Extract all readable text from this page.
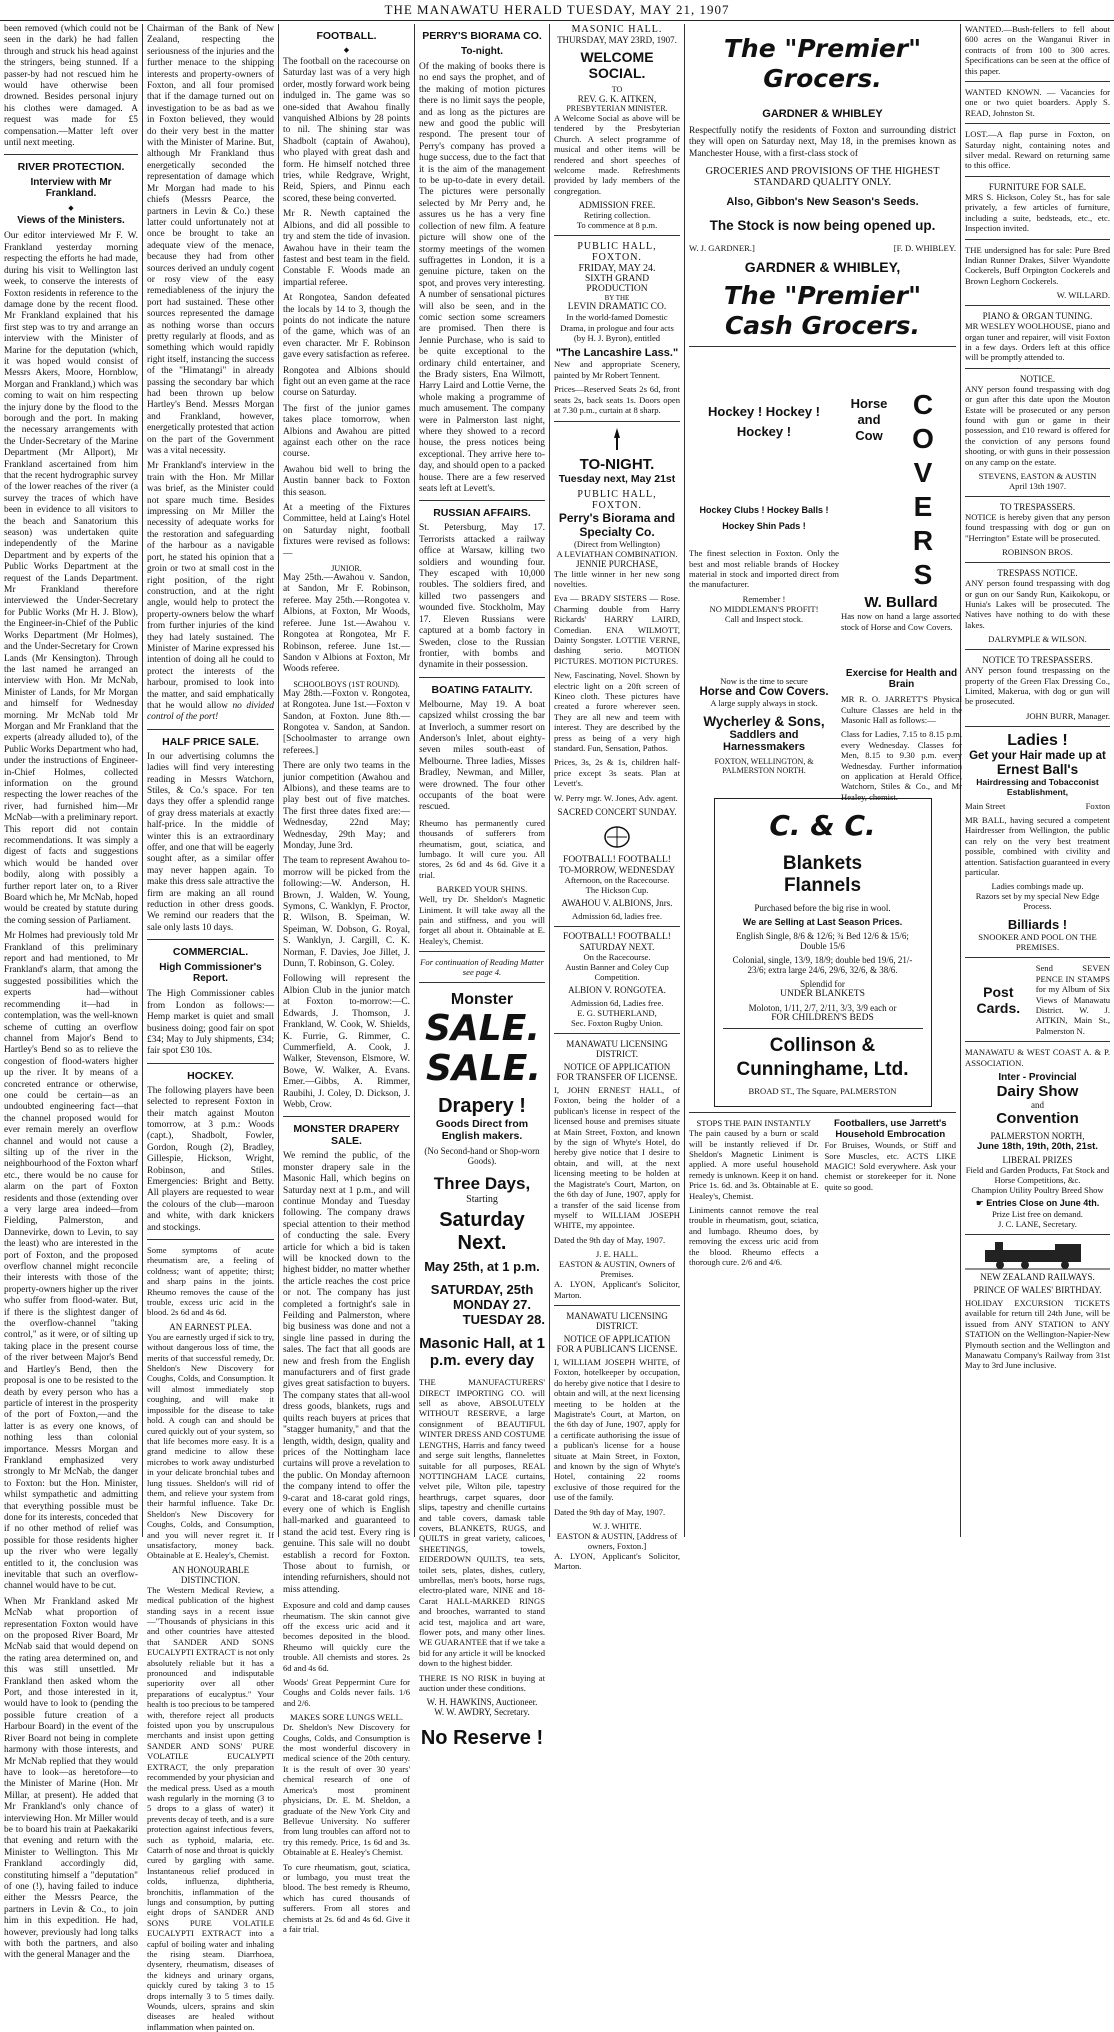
THE MANAWATU HERALD TUESDAY, MAY 21, 1907

been removed (which could not be seen in the dark) he had fallen through and struck his head against the stringers, being stunned. If a passer-by had not rescued him he would have otherwise been drowned. Besides personal injury his clothes were damaged. A request was made for £5 compensation.—Matter left over until next meeting.

RIVER PROTECTION.
Interview with Mr Frankland.
◆
Views of the Ministers.

Our editor interviewed Mr F. W. Frankland yesterday morning respecting the efforts he had made, during his visit to Wellington last week, to conserve the interests of Foxton residents in reference to the damage done by the recent flood. Mr Frankland explained that his first step was to try and arrange an interview with the Minister of Marine for the deputation (which, it was hoped would consist of Messrs Akers, Moore, Hornblow, Morgan and Frankland,) which was coming to wait on him respecting the injury done by the flood to the borough and the port. In making the necessary arrangements with the Under-Secretary of the Marine Department (Mr Allport), Mr Frankland ascertained from him that the recent hydrographic survey of the lower reaches of the river (a survey the traces of which have been in evidence to all visitors to the beach and Sanatorium this season) was undertaken quite independently of the Marine Department and by experts of the Public Works Department at the request of the Lands Department. Mr Frankland therefore interviewed the Under-Secretary for Public Works (Mr H. J. Blow), the Engineer-in-Chief of the Public Works Department (Mr Holmes), and the Under-Secretary for Crown Lands (Mr Kensington). Through the last named he arranged an interview with Hon. Mr McNab, Minister of Lands, for Mr Morgan and himself for Wednesday morning. Mr McNab told Mr Morgan and Mr Frankland that the experts (already alluded to), of the Public Works Department who had, under the instructions of Engineer-in-Chief Holmes, collected information on the ground respecting the lower reaches of the river, had furnished him—Mr McNab—with a preliminary report. This report did not contain recommendations. It was simply a digest of facts and suggestions which would be handed over bodily, along with possibly a further report later on, to a River Board which he, Mr McNab, hoped would be created by statute during the coming session of Parliament.

Mr Holmes had previously told Mr Frankland of this preliminary report and had mentioned, to Mr Frankland's alarm, that among the suggested possibilities which the experts had—without recommending it—had in contemplation, was the well-known scheme of cutting an overflow channel from Major's Bend to Hartley's Bend so as to relieve the congestion of flood-waters higher up the river. It by means of a concreted entrance or otherwise, one could be certain—as an undoubted engineering fact—that the channel proposed would for ever remain merely an overflow channel and would not cause a silting up of the river in the neighbourhood of the Foxton wharf etc., there would be no cause for alarm on the part of Foxton residents and those (extending over a very large area indeed—from Fielding, Palmerston, and Dannevirke, down to Levin, to say the least) who are interested in the port of Foxton, and the proposed overflow channel might reconcile their interests with those of the property-owners higher up the river who suffer from flood-water. But, if there is the slightest danger of the overflow-channel "taking control," as it were, or of silting up taking place in the present course of the river between Major's Bend and Hartley's Bend, then the proposal is one to be resisted to the death by every person who has a particle of interest in the prosperity of the port of Foxton,—and the latter is as every one knows, of nothing less than colonial importance. Messrs Morgan and Frankland emphasized very strongly to Mr McNab, the danger to Foxton: but the Hon. Minister, whilst sympathetic and admitting that everything possible must be done for its interests, conceded that if no other method of relief was possible for those residents higher up the river who were legally entitled to it, the conclusion was inevitable that such an overflow-channel would have to be cut.

When Mr Frankland asked Mr McNab what proportion of representation Foxton would have on the proposed River Board, Mr McNab said that would depend on the rating area determined on, and this was still unsettled. Mr Frankland then asked whom the Port, and those interested in it, would have to look to (pending the possible future creation of a Harbour Board) in the event of the River Board not being in complete harmony with those interests, and Mr McNab replied that they would have to look—as heretofore—to the Minister of Marine (Hon. Mr Millar, at present). He added that Mr Frankland's only chance of interviewing Hon. Mr Miller would be to board his train at Paekakariki that evening and return with the Minister to Wellington. This Mr Frankland accordingly did, constituting himself a "deputation" of one (!), having failed to induce either the Messrs Pearce, the partners in Levin & Co., to join him in this expedition. He had, however, previously had long talks with both the partners, and also with the general Manager and the

Chairman of the Bank of New Zealand, respecting the seriousness of the injuries and the further menace to the shipping interests and property-owners of Foxton, and all four promised that if the damage turned out on investigation to be as bad as we in Foxton believed, they would do their very best in the matter with the Minister of Marine. But, although Mr Frankland thus energetically seconded the representation of damage which Mr Morgan had made to his chiefs (Messrs Pearce, the partners in Levin & Co.) these latter could unfortunately not at once be brought to take an adequate view of the menace, because they had from other sources derived an unduly cogent or rosy view of the easy remediableness of the injury the port had sustained. These other sources represented the damage as nothing worse than occurs pretty regularly at floods, and as something which would rapidly right itself, instancing the success of the "Himatangi" in already passing the secondary bar which had been thrown up below Hartley's Bend. Messrs Morgan and Frankland, however, energetically protested that action on the part of the Government was a vital necessity.

Mr Frankland's interview in the train with the Hon. Mr Millar was brief, as the Minister could not spare much time. Besides impressing on Mr Miller the necessity of adequate works for the restoration and safeguarding of the harbour as a navigable port, he stated his opinion that a groin or two at small cost in the right position, of the right construction, and at the right angle, would help to protect the property-owners below the wharf from further injuries of the kind they had lately sustained. The Minister of Marine expressed his intention of doing all he could to protect the interests of the harbour, promised to look into the matter, and said emphatically that he would allow no divided control of the port!

HALF PRICE SALE.

In our advertising columns the ladies will find very interesting reading in Messrs Watchorn, Stiles, & Co.'s space. For ten days they offer a splendid range of gray dress materials at exactly half-price. In the middle of winter this is an extraordinary offer, and one that will be eagerly sought after, as a similar offer may never happen again. To make this dress sale attractive the firm are making an all round reduction in other dress goods. We remind our readers that the sale only lasts 10 days.

COMMERCIAL.
High Commissioner's Report.

The High Commissioner cables from London as follows:— Hemp market is quiet and small business doing; good fair on spot £34; May to July shipments, £34; fair spot £30 10s.

HOCKEY.

The following players have been selected to represent Foxton in their match against Mouton tomorrow, at 3 p.m.: Woods (capt.), Shadbolt, Fowler, Gordon, Rough (2), Bradley, Gillespie, Hickson, Wright, Robinson, and Stiles. Emergencies: Bright and Betty. All players are requested to wear the colours of the club—maroon and white, with dark knickers and stockings.

Some symptoms of acute rheumatism are, a feeling of coldness; want of appetite; thirst; and sharp pains in the joints. Rheumo removes the cause of the trouble, excess uric acid in the blood. 2s 6d and 4s 6d.

AN EARNEST PLEA.

You are earnestly urged if sick to try, without dangerous loss of time, the merits of that successful remedy, Dr. Sheldon's New Discovery for Coughs, Colds, and Consumption. It will almost immediately stop coughing, and will make it impossible for the disease to take hold. A cough can and should be cured quickly out of your system, so that life becomes more easy. It is a grand medicine to allow these microbes to work away undisturbed in your delicate bronchial tubes and lung tissues. Sheldon's will rid of them, and relieve your system from their harmful influence. Take Dr. Sheldon's New Discovery for Coughs, Colds, and Consumption, and you will never regret it. If unsatisfactory, money back. Obtainable at E. Healey's, Chemist.

AN HONOURABLE DISTINCTION.

The Western Medical Review, a medical publication of the highest standing says in a recent issue—"Thousands of physicians in this and other countries have attested that SANDER AND SONS EUCALYPTI EXTRACT is not only absolutely reliable but it has a pronounced and indisputable superiority over all other preparations of eucalyptus." Your health is too precious to be tampered with, therefore reject all products foisted upon you by unscrupulous merchants and insist upon getting SANDER AND SONS' PURE VOLATILE EUCALYPTI EXTRACT, the only preparation recommended by your physician and the medical press. Used as a mouth wash regularly in the morning (3 to 5 drops to a glass of water) it prevents decay of teeth, and is a sure protection against infectious fevers, such as typhoid, malaria, etc. Catarrh of nose and throat is quickly cured by gargling with same. Instantaneous relief produced in colds, influenza, diphtheria, bronchitis, inflammation of the lungs and consumption, by putting eight drops of SANDER AND SONS PURE VOLATILE EUCALYPTI EXTRACT into a capful of boiling water and inhaling the rising steam. Diarrhoea, dysentery, rheumatism, diseases of the kidneys and urinary organs, quickly cured by taking 3 to 15 drops internally 3 to 5 times daily. Wounds, ulcers, sprains and skin diseases are healed without inflammation when painted on.

FOOTBALL.
◆

The football on the racecourse on Saturday last was of a very high order, mostly forward work being indulged in. The game was so one-sided that Awahou finally vanquished Albions by 28 points to nil. The shining star was Shadbolt (captain of Awahou), who played with great dash and form. He himself notched three tries, while Redgrave, Wright, Reid, Spiers, and Pinnu each scored, these being converted.

Mr R. Newth captained the Albions, and did all possible to try and stem the tide of invasion. Awahou have in their team the fastest and best team in the field. Constable F. Woods made an impartial referee.

At Rongotea, Sandon defeated the locals by 14 to 3, though the points do not indicate the nature of the game, which was of an even character. Mr F. Robinson gave every satisfaction as referee.

Rongotea and Albions should fight out an even game at the race course on Saturday.

The first of the junior games takes place tomorrow, when Albions and Awahou are pitted against each other on the race course.

Awahou bid well to bring the Austin banner back to Foxton this season.

At a meeting of the Fixtures Committee, held at Laing's Hotel on Saturday night, football fixtures were revised as follows:—

JUNIOR.

May 25th.—Awahou v. Sandon, at Sandon, Mr F. Robinson, referee. May 25th.—Rongotea v. Albions, at Foxton, Mr Woods, referee. June 1st.—Awahou v. Rongotea at Rongotea, Mr F. Robinson, referee. June 1st.—Sandon v Albions at Foxton, Mr Woods referee.

SCHOOLBOYS (1ST ROUND).

May 28th.—Foxton v. Rongotea, at Rongotea. June 1st.—Foxton v Sandon, at Foxton. June 8th.—Rongotea v. Sandon, at Sandon. [Schoolmaster to arrange own referees.]

There are only two teams in the junior competition (Awahou and Albions), and these teams are to play best out of five matches. The first three dates fixed are:—Wednesday, 22nd May; Wednesday, 29th May; and Monday, June 3rd.

The team to represent Awahou to-morrow will be picked from the following:—W. Anderson, H. Brown, J. Walden, W. Young, Symons, C. Wanklyn, F. Proctor, R. Wilson, B. Speiman, W. Speiman, W. Dobson, G. Royal, S. Wanklyn, J. Cargill, C. K. Norman, F. Davies, Joe Jillet, J. Dunn, T. Robinson, G. Coley.

Following will represent the Albion Club in the junior match at Foxton to-morrow:—C. Edwards, J. Thomson, J. Frankland, W. Cook, W. Shields, K. Furrie, G. Rimmer, C. Cummerfield, A. Cook, J. Walker, Stevenson, Elsmore, W. Bowe, W. Walker, A. Evans. Emer.—Gibbs, A. Rimmer, Raubihi, J. Coley, D. Dickson, J. Webb, Crow.

MONSTER DRAPERY SALE.

We remind the public, of the monster drapery sale in the Masonic Hall, which begins on Saturday next at 1 p.m., and will continue Monday and Tuesday following. The company draws special attention to their method of conducting the sale. Every article for which a bid is taken will be knocked down to the highest bidder, no matter whether the article reaches the cost price or not. The company has just completed a fortnight's sale in Feilding and Palmerston, where big business was done and not a single line passed in during the sales. The fact that all goods are new and fresh from the English manufacturers and of first grade gives great satisfaction to buyers. The company states that all-wool dress goods, blankets, rugs and quilts reach buyers at prices that "stagger humanity," and that the length, width, design, quality and prices of the Nottingham lace curtains will prove a revelation to the public. On Monday afternoon the company intend to offer the 9-carat and 18-carat gold rings, every one of which is English hall-marked and guaranteed to stand the acid test. Every ring is genuine. This sale will no doubt establish a record for Foxton. Those about to furnish, or intending refurnishers, should not miss attending.

Exposure and cold and damp causes rheumatism. The skin cannot give off the excess uric acid and it becomes deposited in the blood. Rheumo will quickly cure the trouble. All chemists and stores. 2s 6d and 4s 6d.

Woods' Great Peppermint Cure for Coughs and Colds never fails. 1/6 and 2/6.

MAKES SORE LUNGS WELL.

Dr. Sheldon's New Discovery for Coughs, Colds, and Consumption is the most wonderful discovery in medical science of the 20th century. It is the result of over 30 years' chemical research of one of America's most prominent physicians, Dr. E. M. Sheldon, a graduate of the New York City and Bellevue University. No sufferer from lung troubles can afford not to try this remedy. Price, 1s 6d and 3s. Obtainable at E. Healey's Chemist.

To cure rheumatism, gout, sciatica, or lumbago, you must treat the blood. The best remedy is Rheumo, which has cured thousands of sufferers. From all stores and chemists at 2s. 6d and 4s 6d. Give it a fair trial.

PERRY'S BIORAMA CO.
To-night.

Of the making of books there is no end says the prophet, and of the making of motion pictures there is no limit says the people, and as long as the pictures are new and good the public will respond. The present tour of Perry's company has proved a huge success, due to the fact that it is the aim of the management to be up-to-date in every detail. The pictures were personally selected by Mr Perry and, he assures us he has a very fine collection of new film. A feature picture will show one of the stormy meetings of the women suffragettes in London, it is a genuine picture, taken on the spot, and proves very interesting. A number of sensational pictures will also be seen, and in the comic section some screamers are promised. Then there is Jennie Purchase, who is said to be quite exceptional to the ordinary child entertainer, and the Brady sisters, Ena Wilmott, Harry Laird and Lottie Verne, the whole making a programme of much amusement. The company were in Palmerston last night, where they showed to a record house, the press notices being exceptional. They arrive here to-day, and should open to a packed house. There are a few reserved seats left at Levett's.

RUSSIAN AFFAIRS.

St. Petersburg, May 17. Terrorists attacked a railway office at Warsaw, killing two soldiers and wounding four. They escaped with 10,000 roubles. The soldiers fired, and killed two passengers and wounded five. Stockholm, May 17. Eleven Russians were captured at a bomb factory in Sweden, close to the Russian frontier, with bombs and dynamite in their possession.

BOATING FATALITY.

Melbourne, May 19. A boat capsized whilst crossing the bar at Inverloch, a summer resort on Anderson's Inlet, about eighty-seven miles south-east of Melbourne. Three ladies, Misses Bradley, Newman, and Miller, were drowned. The four other occupants of the boat were rescued.

Rheumo has permanently cured thousands of sufferers from rheumatism, gout, sciatica, and lumbago. It will cure you. All stores, 2s 6d and 4s 6d. Give it a trial.

BARKED YOUR SHINS.

Well, try Dr. Sheldon's Magnetic Liniment. It will take away all the pain and stiffness, and you will forget all about it. Obtainable at E. Healey's, Chemist.

For continuation of Reading Matter see page 4.
Monster
SALE.
SALE.
Drapery !
Goods Direct from English makers.
(No Second-hand or Shop-worn Goods).
Three Days,
Starting
Saturday Next.
May 25th, at 1 p.m.
SATURDAY, 25th
MONDAY 27.
TUESDAY 28.
Masonic Hall, at 1 p.m. every day

THE MANUFACTURERS' DIRECT IMPORTING CO. will sell as above, ABSOLUTELY WITHOUT RESERVE, a large consignment of BEAUTIFUL WINTER DRESS AND COSTUME LENGTHS, Harris and fancy tweed and serge suit lengths, flannelettes suitable for all purposes, REAL NOTTINGHAM LACE curtains, velvet pile, Wilton pile, tapestry hearthrugs, carpet squares, door slips, tapestry and chenille curtains and table covers, damask table covers, BLANKETS, RUGS, and QUILTS in great variety, calicoes, SHEETINGS, towels, EIDERDOWN QUILTS, tea sets, toilet sets, plates, dishes, cutlery, umbrellas, men's boots, horse rugs, electro-plated ware, NINE and 18-Carat HALL-MARKED RINGS and brooches, warranted to stand acid test, majolica and art ware, flower pots, and many other lines. WE GUARANTEE that if we take a bid for any article it will be knocked down to the highest bidder.

THERE IS NO RISK in buying at auction under these conditions.

W. H. HAWKINS, Auctioneer.
W. W. AWDRY, Secretary.
No Reserve !
MASONIC HALL.
THURSDAY, MAY 23RD, 1907.
WELCOME SOCIAL.
TO
REV. G. K. AITKEN,
PRESBYTERIAN MINISTER.

A Welcome Social as above will be tendered by the Presbyterian Church. A select programme of musical and other items will be rendered and short speeches of welcome made. Refreshments provided by lady members of the congregation.

ADMISSION FREE.
Retiring collection.
To commence at 8 p.m.
PUBLIC HALL, FOXTON.
FRIDAY, MAY 24.
SIXTH GRAND PRODUCTION
BY THE
LEVIN DRAMATIC CO.

In the world-famed Domestic Drama, in prologue and four acts (by H. J. Byron), entitled

"The Lancashire Lass."

New and appropriate Scenery, painted by Mr Robert Tennent.

Prices—Reserved Seats 2s 6d, front seats 2s, back seats 1s. Doors open at 7.30 p.m., curtain at 8 sharp.

TO-NIGHT.
Tuesday next, May 21st
PUBLIC HALL, FOXTON.
Perry's Biorama and Specialty Co.
(Direct from Wellington)
A LEVIATHAN COMBINATION.
JENNIE PURCHASE,

The little winner in her new song novelties.

Eva — BRADY SISTERS — Rose. Charming double from Harry Rickards' HARRY LAIRD, Comedian. ENA WILMOTT, Dainty Songster. LOTTIE VERNE, dashing serio. MOTION PICTURES. MOTION PICTURES.

New, Fascinating, Novel. Shown by electric light on a 20ft screen of Kineo cloth. These pictures have created a furore wherever seen. They are all new and teem with interest. They are described by the press as being of a very high standard. Fun, Sensation, Pathos.

Prices, 3s, 2s & 1s, children half-price except 3s seats. Plan at Levett's.

W. Perry mgr. W. Jones, Adv. agent.

SACRED CONCERT SUNDAY.
FOOTBALL! FOOTBALL!
TO-MORROW, WEDNESDAY
Afternoon, on the Racecourse.
The Hickson Cup.
AWAHOU V. ALBIONS, Jnrs.
Admission 6d, ladies free.
FOOTBALL! FOOTBALL!
SATURDAY NEXT.
On the Racecourse.
Austin Banner and Coley Cup Competition.
ALBION V. RONGOTEA.
Admission 6d, Ladies free.
E. G. SUTHERLAND,
Sec. Foxton Rugby Union.
MANAWATU LICENSING DISTRICT.
NOTICE OF APPLICATION FOR TRANSFER OF LICENSE.

I, JOHN ERNEST HALL, of Foxton, being the holder of a publican's license in respect of the licensed house and premises situate at Main Street, Foxton, and known by the sign of Whyte's Hotel, do hereby give notice that I desire to obtain, and will, at the next licensing meeting to be holden at the Magistrate's Court, Marton, on the 6th day of June, 1907, apply for a transfer of the said license from myself to WILLIAM JOSEPH WHITE, my appointee.

Dated the 9th day of May, 1907.

J. E. HALL.
EASTON & AUSTIN, Owners of Premises.

A. LYON, Applicant's Solicitor, Marton.

MANAWATU LICENSING DISTRICT.
NOTICE OF APPLICATION FOR A PUBLICAN'S LICENSE.

I, WILLIAM JOSEPH WHITE, of Foxton, hotelkeeper by occupation, do hereby give notice that I desire to obtain and will, at the next licensing meeting to be holden at the Magistrate's Court, at Marton, on the 6th day of June, 1907, apply for a certificate authorising the issue of a publican's license for a house situate at Main Street, in Foxton, and known by the sign of Whyte's Hotel, containing 22 rooms exclusive of those required for the use of the family.

Dated the 9th day of May, 1907.

W. J. WHITE.
EASTON & AUSTIN, [Address of owners, Foxton.]

A. LYON, Applicant's Solicitor, Marton.

The "Premier" Grocers.
GARDNER & WHIBLEY

Respectfully notify the residents of Foxton and surrounding district they will open on Saturday next, May 18, in the premises known as Manchester House, with a first-class stock of

GROCERIES AND PROVISIONS OF THE HIGHEST STANDARD QUALITY ONLY.
Also, Gibbon's New Season's Seeds.
The Stock is now being opened up.
W. J. GARDNER.]	[F. D. WHIBLEY.
GARDNER & WHIBLEY,
The "Premier" Cash Grocers.
Hockey ! Hockey ! Hockey !
Hockey Clubs ! Hockey Balls ! Hockey Shin Pads !

The finest selection in Foxton. Only the best and most reliable brands of Hockey material in stock and imported direct from the manufacturer.

Remember !
NO MIDDLEMAN'S PROFIT!
Call and Inspect stock.
Horse and Cow
C
O
V
E
R
S
W. Bullard

Has now on hand a large assorted stock of Horse and Cow Covers.

Now is the time to secure
Horse and Cow Covers.
A large supply always in stock.
Wycherley & Sons,
Saddlers and Harnessmakers
FOXTON, WELLINGTON, & PALMERSTON NORTH.
Exercise for Health and Brain

MR R. O. JARRETT'S Physical Culture Classes are held in the Masonic Hall as follows:—

Class for Ladies, 7.15 to 8.15 p.m. every Wednesday. Classes for Men, 8.15 to 9.30 p.m. every Wednesday. Further information on application at Herald Office, Watchorn, Stiles & Co., and Mr Healey, chemist.

C. & C.
Blankets
Flannels
Purchased before the big rise in wool.
We are Selling at Last Season Prices.
English Single, 8/6 & 12/6; ¾ Bed 12/6 & 15/6; Double 15/6
Colonial, single, 13/9, 18/9; double bed 19/6, 21/- 23/6; extra large 24/6, 29/6, 32/6, & 38/6.
Splendid for
UNDER BLANKETS
Moloton, 1/11, 2/7, 2/11, 3/3, 3/9 each or
FOR CHILDREN'S BEDS
Collinson & Cunninghame, Ltd.
BROAD ST., The Square, PALMERSTON
STOPS THE PAIN INSTANTLY

The pain caused by a burn or scald will be instantly relieved if Dr. Sheldon's Magnetic Liniment is applied. A more useful household remedy is unknown. Keep it on hand. Price 1s. 6d. and 3s. Obtainable at E. Healey's, Chemist.

Liniments cannot remove the real trouble in rheumatism, gout, sciatica, and lumbago. Rheumo does, by removing the excess uric acid from the blood. Rheumo effects a thorough cure. 2/6 and 4/6.

Footballers, use Jarrett's Household Embrocation

For Bruises, Wounds, or Stiff and Sore Muscles, etc. ACTS LIKE MAGIC! Sold everywhere. Ask your chemist or storekeeper for it. None quite so good.

WANTED.—Bush-fellers to fell about 600 acres on the Wanganui River in contracts of from 100 to 300 acres. Specifications can be seen at the office of this paper.

WANTED KNOWN. — Vacancies for one or two quiet boarders. Apply S. READ, Johnston St.

LOST.—A flap purse in Foxton, on Saturday night, containing notes and silver medal. Reward on returning same to this office.

FURNITURE FOR SALE.

MRS S. Hickson, Coley St., has for sale privately, a few articles of furniture, including a suite, bedsteads, etc., etc. Inspection invited.

THE undersigned has for sale: Pure Bred Indian Runner Drakes, Silver Wyandotte Cockerels, Buff Orpington Cockerels and Brown Leghorn Cockerels.

W. WILLARD.
PIANO & ORGAN TUNING.

MR WESLEY WOOLHOUSE, piano and organ tuner and repairer, will visit Foxton in a few days. Orders left at this office will be promptly attended to.

NOTICE.

ANY person found trespassing with dog or gun after this date upon the Mouton Estate will be prosecuted or any person found with gun or game in their possession, and £10 reward is offered for the conviction of any persons found shooting, or with guns in their possession on any camp on the estate.

STEVENS, EASTON & AUSTIN
April 13th 1907.
TO TRESPASSERS.

NOTICE is hereby given that any person found trespassing with dog or gun on "Herrington" Estate will be prosecuted.

ROBINSON BROS.
TRESPASS NOTICE.

ANY person found trespassing with dog or gun on our Sandy Run, Kaikokopu, or Hunia's Lakes will be prosecuted. The Natives have nothing to do with these lakes.

DALRYMPLE & WILSON.
NOTICE TO TRESPASSERS.

ANY person found trespassing on the property of the Green Flax Dressing Co., Limited, Makerua, with dog or gun will be prosecuted.

JOHN BURR, Manager.
Ladies !
Get your Hair made up at
Ernest Ball's
Hairdressing and Tobacconist Establishment,
Main Street	Foxton

MR BALL, having secured a competent Hairdresser from Wellington, the public can rely on the very best treatment possible, combined with civility and attention. Satisfaction guaranteed in every particular.

Ladies combings made up.
Razors set by my special New Edge Process.
Billiards !
SNOOKER AND POOL ON THE PREMISES.
Post Cards.

Send SEVEN PENCE IN STAMPS for my Album of Six Views of Manawatu District. W. J. AITKIN, Main St., Palmerston N.

MANAWATU & WEST COAST A. & P. ASSOCIATION.

Inter - Provincial
Dairy Show
and
Convention
PALMERSTON NORTH,
June 18th, 19th, 20th, 21st.
LIBERAL PRIZES
Field and Garden Products, Fat Stock and Horse Competitions, &c.
Champion Utility Poultry Breed Show
☛ Entries Close on June 4th.
Prize List free on demand.
J. C. LANE, Secretary.
NEW ZEALAND RAILWAYS.
PRINCE OF WALES' BIRTHDAY.

HOLIDAY EXCURSION TICKETS available for return till 24th June, will be issued from ANY STATION to ANY STATION on the Wellington-Napier-New Plymouth section and the Wellington and Manawatu Company's Railway from 31st May to 3rd June inclusive.
